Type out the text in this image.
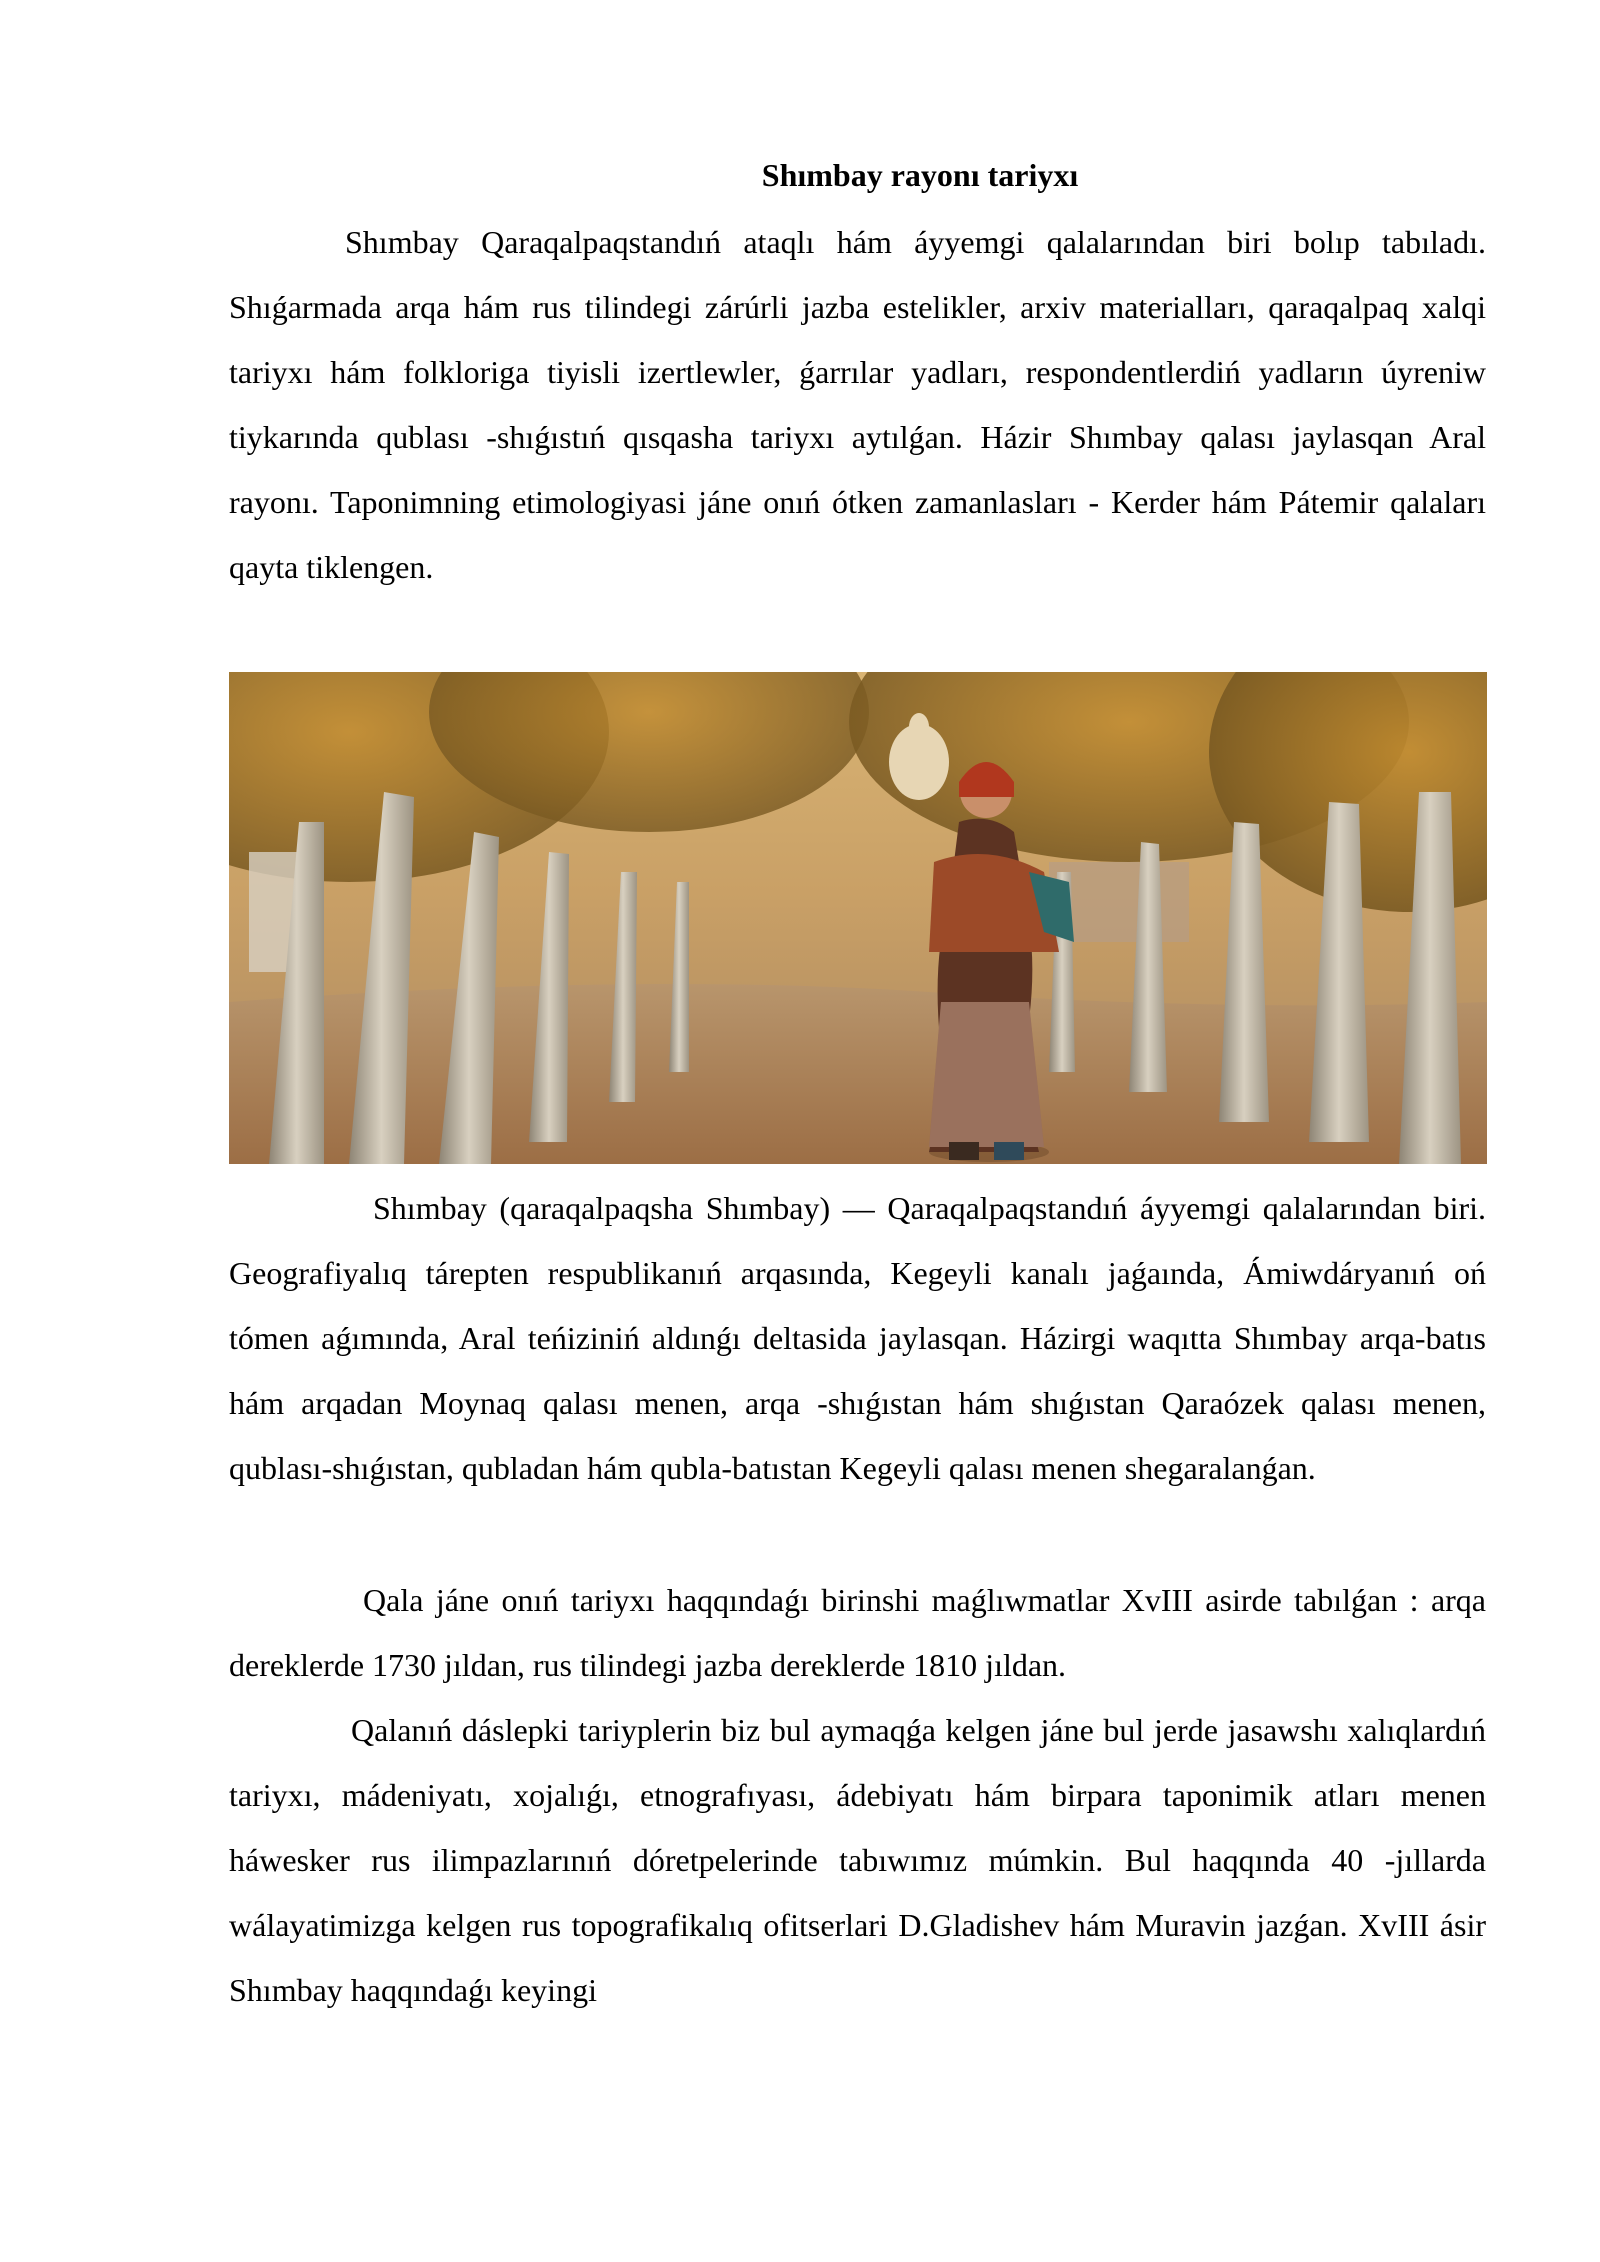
Shımbay rayonı tariyxı

Shımbay Qaraqalpaqstandıń ataqlı hám áyyemgi qalalarından biri bolıp tabıladı. Shıǵarmada arqa hám rus tilindegi zárúrli jazba estelikler, arxiv materialları, qaraqalpaq xalqi tariyxı hám folkloriga tiyisli izertlewler, ǵarrılar yadları, respondentlerdiń yadların úyreniw tiykarında qublası -shıǵıstıń qısqasha tariyxı aytılǵan. Házir Shımbay qalası jaylasqan Aral rayonı. Taponimning etimologiyasi jáne onıń ótken zamanlasları - Kerder hám Pátemir qalaları qayta tiklengen.

Shımbay (qaraqalpaqsha Shımbay) — Qaraqalpaqstandıń áyyemgi qalalarından biri. Geografiyalıq tárepten respublikanıń arqasında, Kegeyli kanalı jaǵaında, Ámiwdáryanıń oń tómen aǵımında, Aral teńiziniń aldınǵı deltasida jaylasqan. Házirgi waqıtta Shımbay arqa-batıs hám arqadan Moynaq qalası menen, arqa -shıǵıstan hám shıǵıstan Qaraózek qalası menen, qublası-shıǵıstan, qubladan hám qubla-batıstan Kegeyli qalası menen shegaralanǵan.

Qala jáne onıń tariyxı haqqındaǵı birinshi maǵlıwmatlar XvIII asirde tabılǵan : arqa dereklerde 1730 jıldan, rus tilindegi jazba dereklerde 1810 jıldan.

Qalanıń dáslepki tariyplerin biz bul aymaqǵa kelgen jáne bul jerde jasawshı xalıqlardıń tariyxı, mádeniyatı, xojalıǵı, etnografıyası, ádebiyatı hám birpara taponimik atları menen háwesker rus ilimpazlarınıń dóretpelerinde tabıwımız múmkin. Bul haqqında 40 -jıllarda wálayatimizga kelgen rus topografikalıq ofitserlari D.Gladishev hám Muravin jazǵan. XvIII ásir Shımbay haqqındaǵı keyingi
